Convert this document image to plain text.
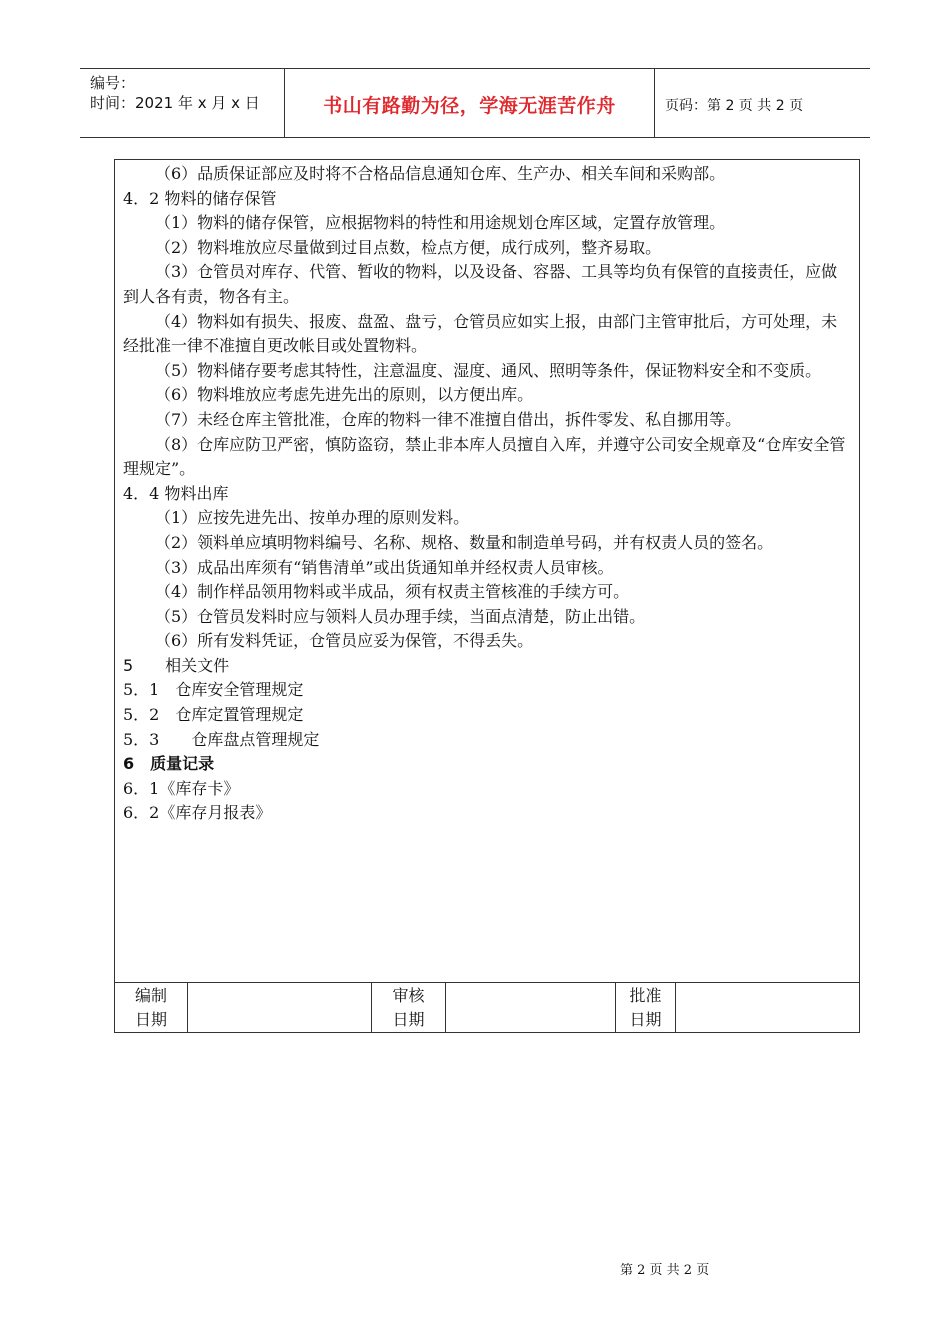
编号：
时间：2021 年 x 月 x 日	书山有路勤为径，学海无涯苦作舟	页码：第 2 页 共 2 页

（6）品质保证部应及时将不合格品信息通知仓库、生产办、相关车间和采购部。

4．2 物料的储存保管

（1）物料的储存保管，应根据物料的特性和用途规划仓库区域，定置存放管理。

（2）物料堆放应尽量做到过目点数，检点方便，成行成列，整齐易取。

（3）仓管员对库存、代管、暂收的物料，以及设备、容器、工具等均负有保管的直接责任，应做到人各有责，物各有主。

（4）物料如有损失、报废、盘盈、盘亏，仓管员应如实上报，由部门主管审批后，方可处理，未经批准一律不准擅自更改帐目或处置物料。

（5）物料储存要考虑其特性，注意温度、湿度、通风、照明等条件，保证物料安全和不变质。

（6）物料堆放应考虑先进先出的原则，以方便出库。

（7）未经仓库主管批准，仓库的物料一律不准擅自借出，拆件零发、私自挪用等。

（8）仓库应防卫严密，慎防盗窃，禁止非本库人员擅自入库，并遵守公司安全规章及“仓库安全管理规定”。

4．4 物料出库

（1）应按先进先出、按单办理的原则发料。

（2）领料单应填明物料编号、名称、规格、数量和制造单号码，并有权责人员的签名。

（3）成品出库须有“销售清单”或出货通知单并经权责人员审核。

（4）制作样品领用物料或半成品，须有权责主管核准的手续方可。

（5）仓管员发料时应与领料人员办理手续，当面点清楚，防止出错。

（6）所有发料凭证，仓管员应妥为保管，不得丢失。

5　　相关文件

5．1　仓库安全管理规定

5．2　仓库定置管理规定

5．3　　仓库盘点管理规定

6　质量记录

6．1《库存卡》

6．2《库存月报表》

编制
日期
审核
日期
批准
日期
第 2 页 共 2 页
